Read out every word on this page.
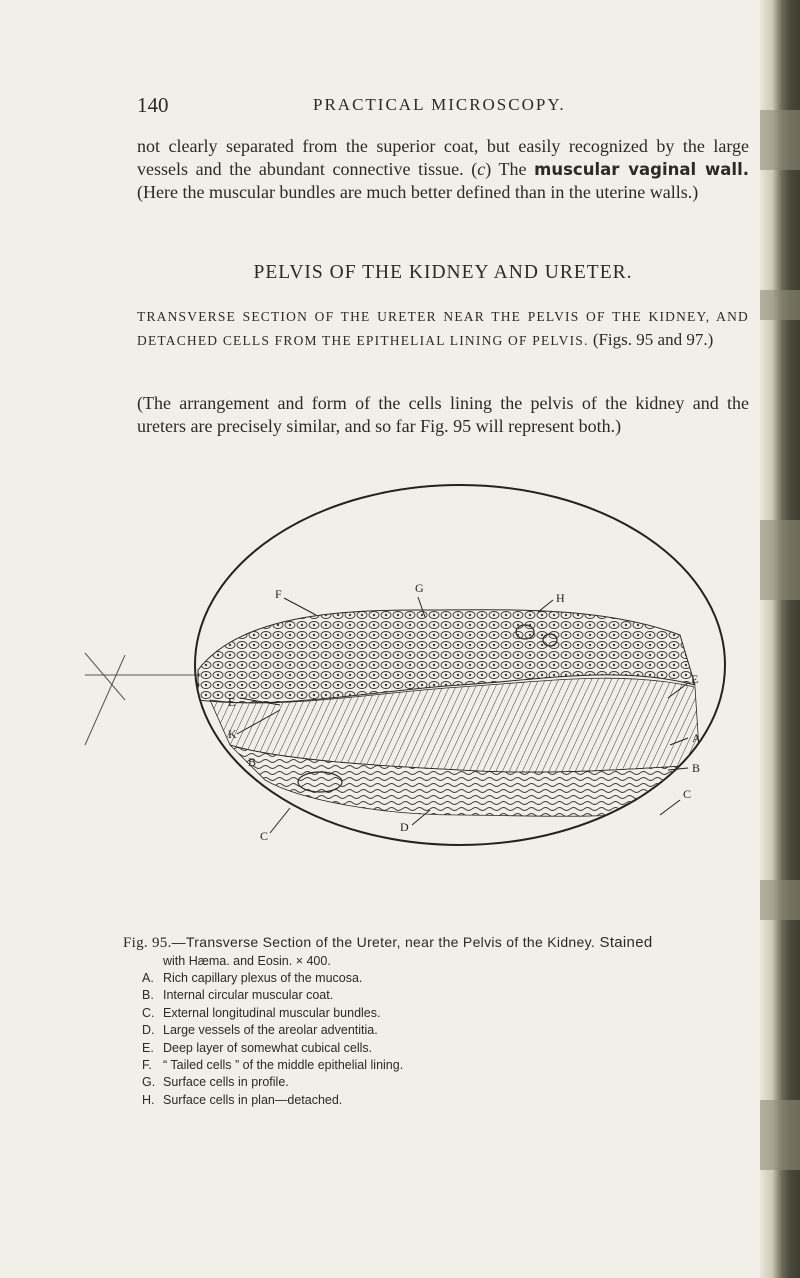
140	PRACTICAL MICROSCOPY.

not clearly separated from the superior coat, but easily recognized by the large vessels and the abundant connective tissue. (c) The muscular vaginal wall. (Here the muscular bundles are much better defined than in the uterine walls.)

PELVIS OF THE KIDNEY AND URETER.

TRANSVERSE SECTION OF THE URETER NEAR THE PELVIS OF THE KIDNEY, AND DETACHED CELLS FROM THE EPITHELIAL LINING OF PELVIS. (Figs. 95 and 97.)

(The arrangement and form of the cells lining the pelvis of the kidney and the ureters are precisely similar, and so far Fig. 95 will represent both.)

F	G
H
E
E
K
B
A
B
C
C
D
Fig. 95.—Transverse Section of the Ureter, near the Pelvis of the Kidney. Stained
with Hæma. and Eosin. × 400.
A. Rich capillary plexus of the mucosa.
B. Internal circular muscular coat.
C. External longitudinal muscular bundles.
D. Large vessels of the areolar adventitia.
E. Deep layer of somewhat cubical cells.
F. “ Tailed cells ” of the middle epithelial lining.
G. Surface cells in profile.
H. Surface cells in plan—detached.
